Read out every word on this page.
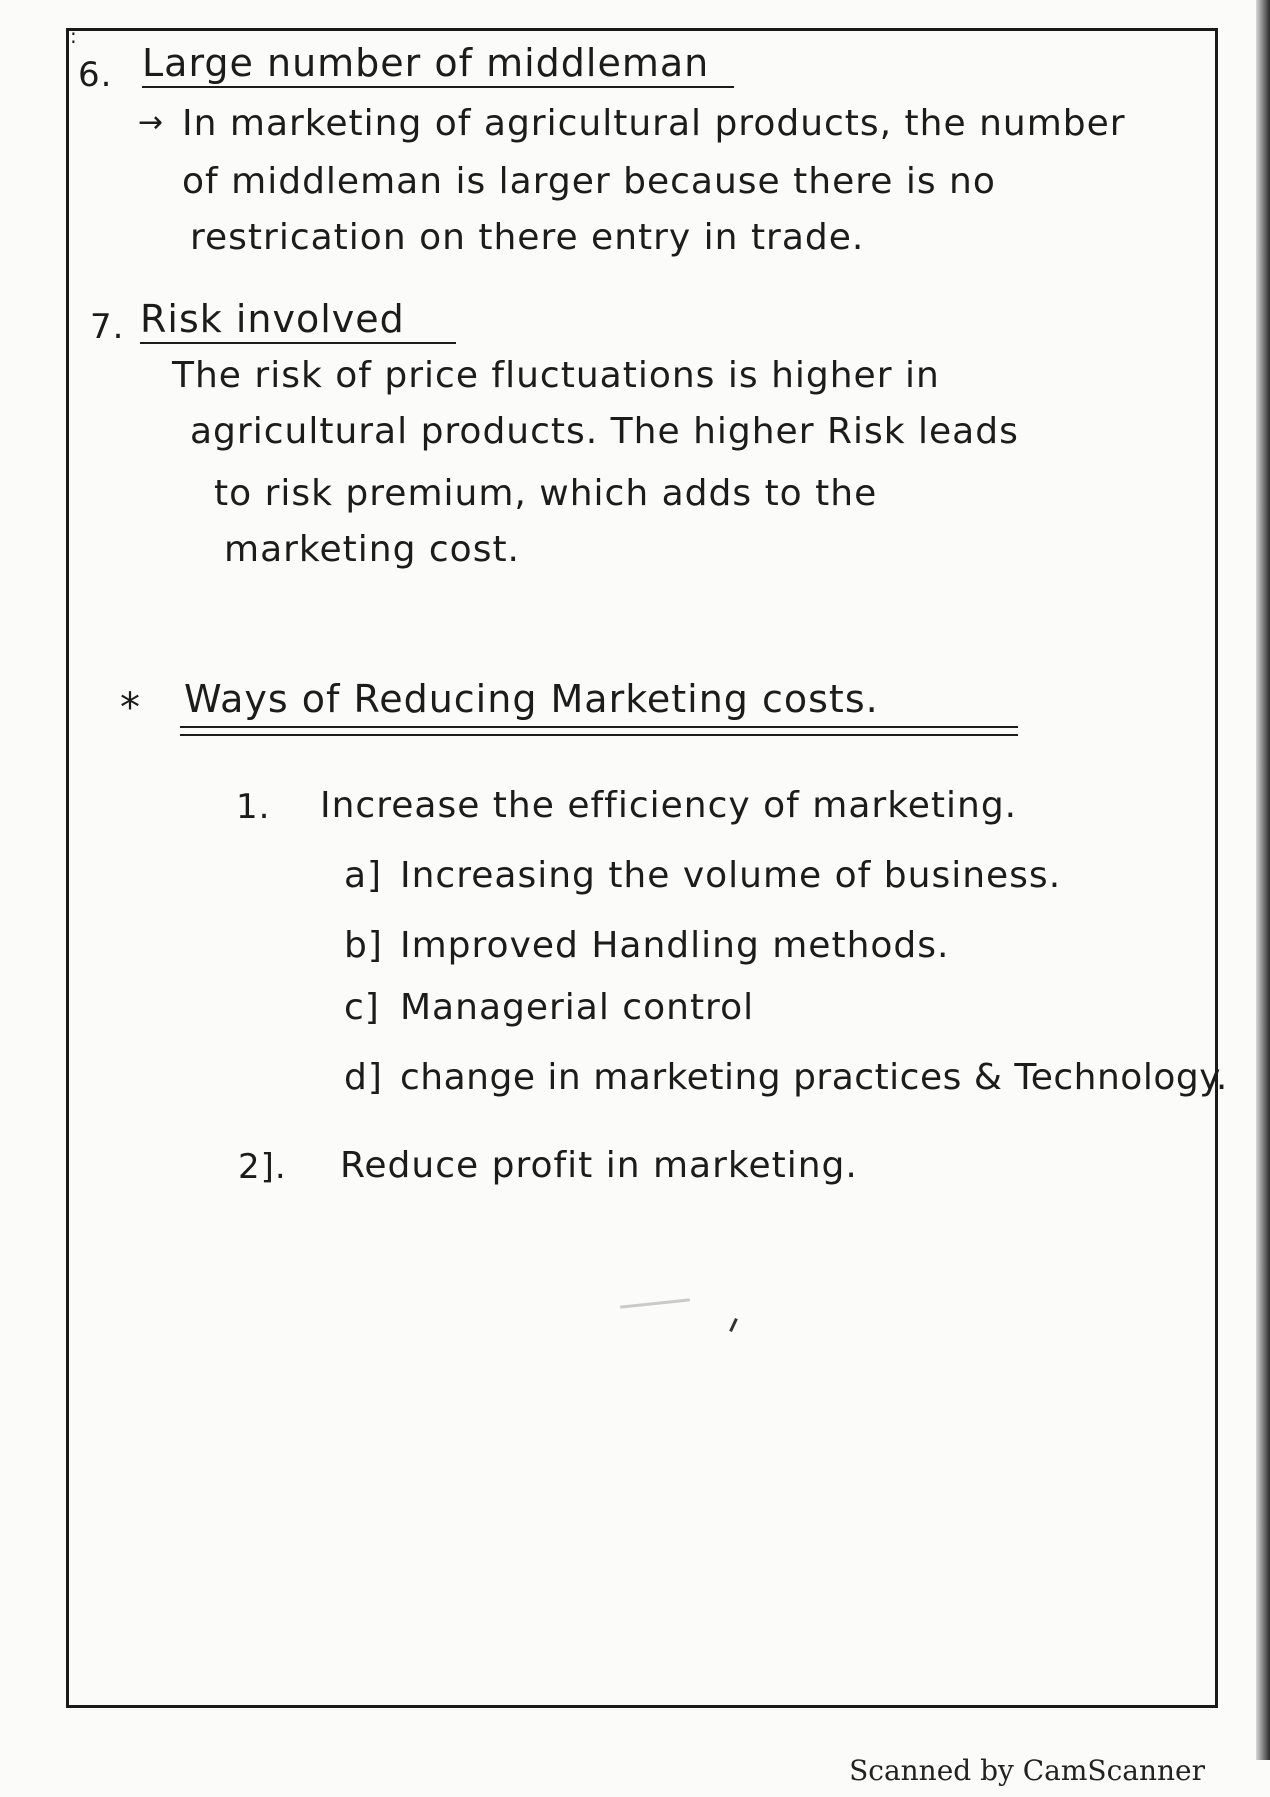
:
6. Large number of middleman
→ In marketing of agricultural products, the number
of middleman is larger because there is no
restrication on there entry in trade.
7. Risk involved
The risk of price fluctuations is higher in
agricultural products. The higher Risk leads
to risk premium, which adds to the
marketing cost.
* Ways of Reducing Marketing costs.
1. Increase the efficiency of marketing.
a] Increasing the volume of business.
b] Improved Handling methods.
c] Managerial control
d] change in marketing practices & Technology.
2]. Reduce profit in marketing.
Scanned by CamScanner
